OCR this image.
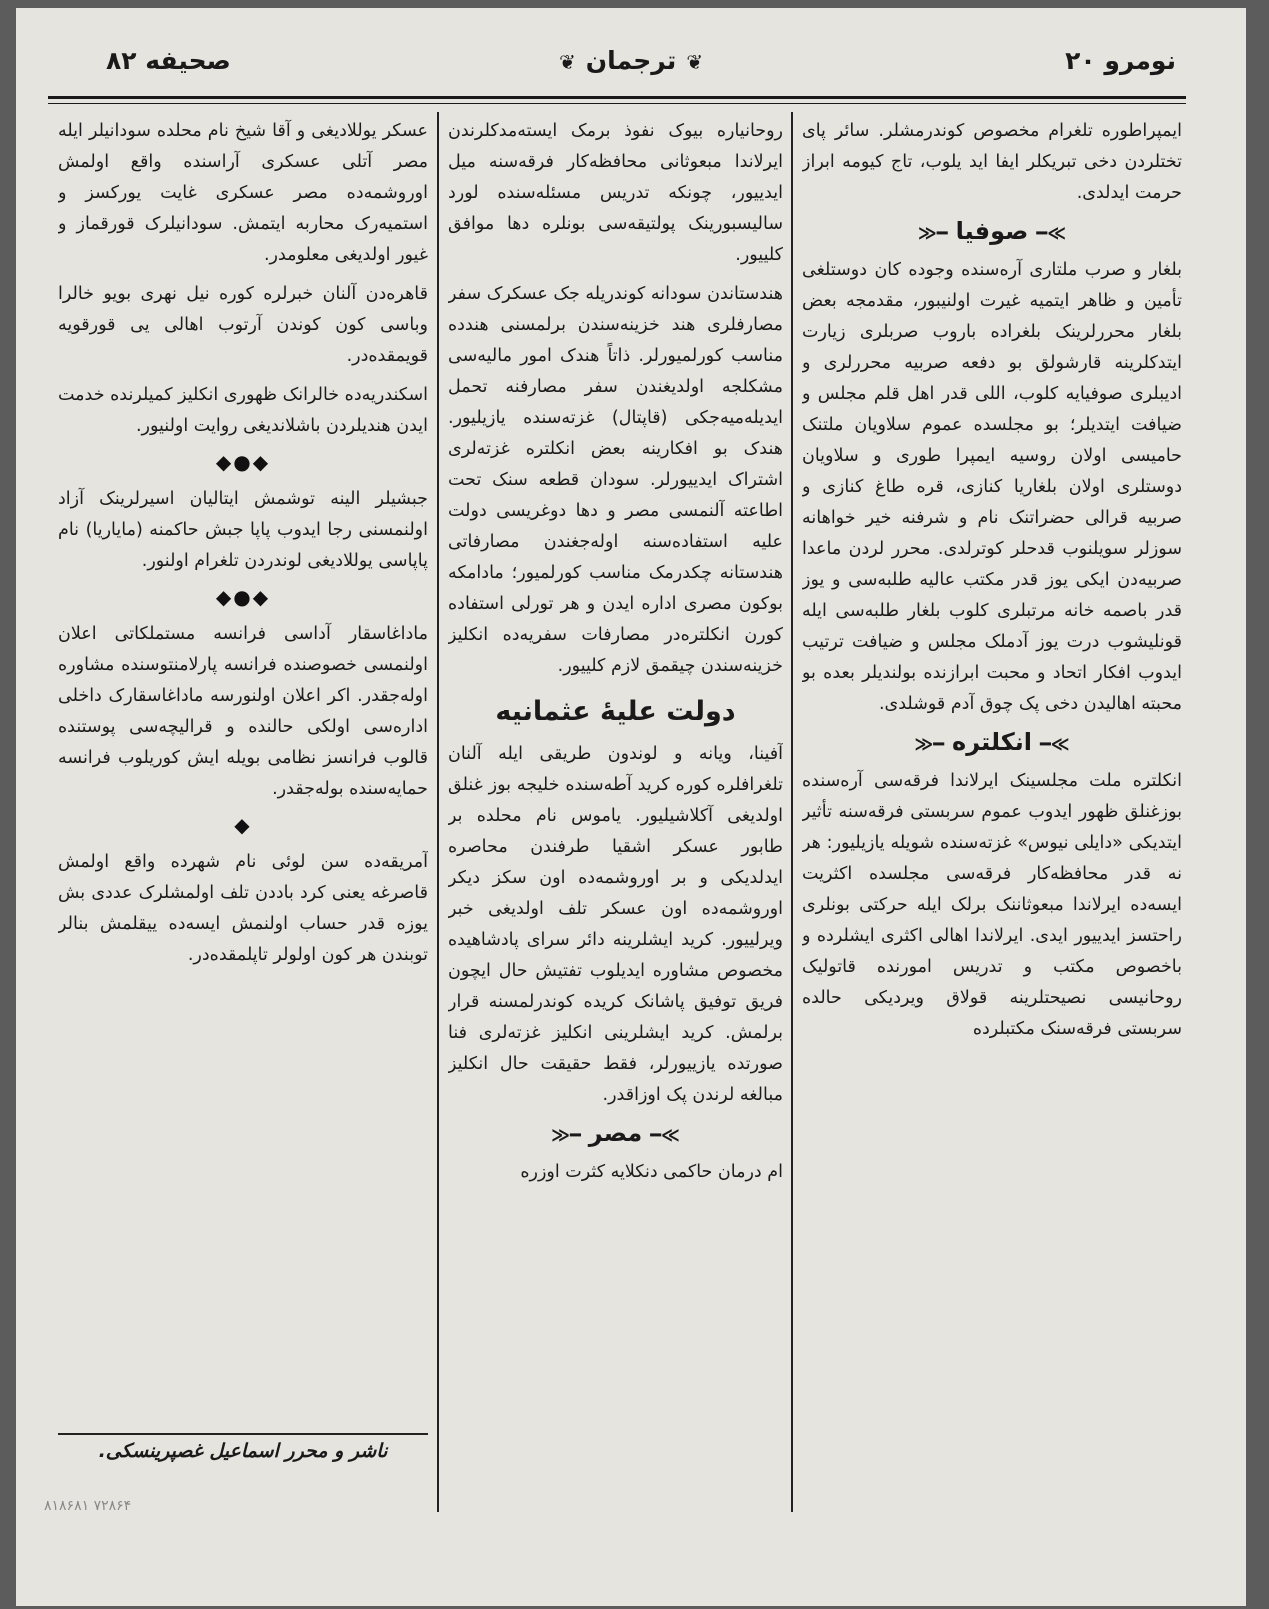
نومرو ۲۰
❦ ترجمان ❦
صحیفه ۸۲

ایمپراطوره تلغرام مخصوص کوندرمشلر. سائر پای تختلردن دخی تبریکلر ایفا اید یلوب، تاج کیومه ابراز حرمت ایدلدی.

≫━صوفیا━≪

بلغار و صرب ملتاری آره‌سنده وجوده کان دوستلغی تأمین و ظاهر ایتمیه غیرت اولنیبور، مقدمجه بعض بلغار محررلرینک بلغراده باروب صربلری زیارت ایتدکلرینه قارشولق بو دفعه صربیه محررلری و ادیبلری صوفیایه کلوب، اللی قدر اهل قلم مجلس و ضیافت ایتدیلر؛ بو مجلسده عموم سلاویان ملتنک حامیسی اولان روسیه ایمپرا طوری و سلاویان دوستلری اولان بلغاریا کنازی، قره طاغ کنازی و صربیه قرالی حضراتنک نام و شرفنه خیر خواهانه سوزلر سویلنوب قدحلر کوترلدی. محرر لردن ماعدا صربیه‌دن ایکی یوز قدر مکتب عالیه طلبه‌سی و یوز قدر باصمه خانه مرتبلری کلوب بلغار طلبه‌سی ایله قونلیشوب درت یوز آدملک مجلس و ضیافت ترتیب ایدوب افکار اتحاد و محبت ابرازنده بولندیلر بعده بو محبته اهالیدن دخی پک چوق آدم قوشلدی.

≫━انکلتره━≪

انکلتره ملت مجلسینک ایرلاندا فرقه‌سی آره‌سنده بوزغنلق ظهور ایدوب عموم سربستی فرقه‌سنه تأثیر ایتدیکی «دایلی نیوس» غزته‌سنده شویله یازیلیور: هر نه قدر محافظه‌کار فرقه‌سی مجلسده اکثریت ایسه‌ده ایرلاندا مبعوثاننک برلک ایله حرکتی بونلری راحتسز ایدییور ایدی. ایرلاندا اهالی اکثری ایشلرده و باخصوص مکتب و تدریس امورنده قاتولیک روحانیسی نصیحتلرینه قولاق ویردیکی حالده سربستی فرقه‌سنک مکتبلرده

روحانیاره بیوک نفوذ برمک ایسته‌مدکلرندن ایرلاندا مبعوثانی محافظه‌کار فرقه‌سنه میل ایدییور، چونکه تدریس مسئله‌سنده لورد سالیسبورینک پولتیقه‌سی بونلره دها موافق کلییور.

هندستاندن سودانه کوندریله جک عسکرک سفر مصارفلری هند خزینه‌سندن برلمسنی هندده مناسب کورلمیورلر. ذاتاً هندک امور مالیه‌سی مشکلجه اولدیغندن سفر مصارفنه تحمل ایدیله‌میه‌جکی (قاپتال) غزته‌سنده یازیلیور. هندک بو افکارینه بعض انکلتره غزته‌لری اشتراک ایدییورلر. سودان قطعه سنک تحت اطاعته آلنمسی مصر و دها دوغریسی دولت علیه استفاده‌سنه اوله‌جغندن مصارفاتی هندستانه چکدرمک مناسب کورلمیور؛ مادامکه بوکون مصری اداره ایدن و هر تورلی استفاده کورن انکلتره‌در مصارفات سفریه‌ده انکلیز خزینه‌سندن چیقمق لازم کلییور.

دولت علیهٔ عثمانیه

آفینا، ویانه و لوندون طریقی ایله آلنان تلغرافلره کوره کرید آطه‌سنده خلیجه بوز غنلق اولدیغی آکلاشیلیور. یاموس نام محلده بر طابور عسکر اشقیا طرفندن محاصره ایدلدیکی و بر اوروشمه‌ده اون سکز دیکر اوروشمه‌ده اون عسکر تلف اولدیغی خبر ویرلییور. کرید ایشلرینه دائر سرای پادشاهیده مخصوص مشاوره ایدیلوب تفتیش حال ایچون فریق توفیق پاشانک کریده کوندرلمسنه قرار برلمش. کرید ایشلرینی انکلیز غزته‌لری فنا صورتده یازییورلر، فقط حقیقت حال انکلیز مبالغه لرندن پک اوزاقدر.

≫━مصر━≪

ام درمان حاکمی دنکلایه کثرت اوزره

عسکر یوللادیغی و آقا شیخ نام محلده سودانیلر ایله مصر آتلی عسکری آراسنده واقع اولمش اوروشمه‌ده مصر عسکری غایت یورکسز و استمیه‌رک محاربه ایتمش. سودانیلرک قورقماز و غیور اولدیغی معلومدر.

قاهره‌دن آلنان خبرلره کوره نیل نهری بویو خالرا وباسی کون کوندن آرتوب اهالی یی قورقویه قویمقده‌در.

اسکندریه‌ده خالرانک ظهوری انکلیز کمیلرنده خدمت ایدن هندیلردن باشلاندیغی روایت اولنیور.

◆●◆

جبشیلر الینه توشمش ایتالیان اسیرلرینک آزاد اولنمسنی رجا ایدوب پاپا جبش حاکمنه (مایاریا) نام پاپاسی یوللادیغی لوندردن تلغرام اولنور.

◆●◆

ماداغاسقار آداسی فرانسه مستملکاتی اعلان اولنمسی خصوصنده فرانسه پارلامنتوسنده مشاوره اوله‌جقدر. اکر اعلان اولنورسه ماداغاسقارک داخلی اداره‌سی اولکی حالنده و قرالیچه‌سی پوستنده قالوب فرانسز نظامی بویله ایش کوریلوب فرانسه حمایه‌سنده بوله‌جقدر.

◆

آمریقه‌ده سن لوئی نام شهرده واقع اولمش قاصرغه یعنی کرد باددن تلف اولمشلرک عددی بش یوزه قدر حساب اولنمش ایسه‌ده ییقلمش بنالر توبندن هر کون اولولر تاپلمقده‌در.

ناشر و محرر اسماعیل غصپرینسکی.
۸۱۸۶۸۱ ۷۲۸۶۴
